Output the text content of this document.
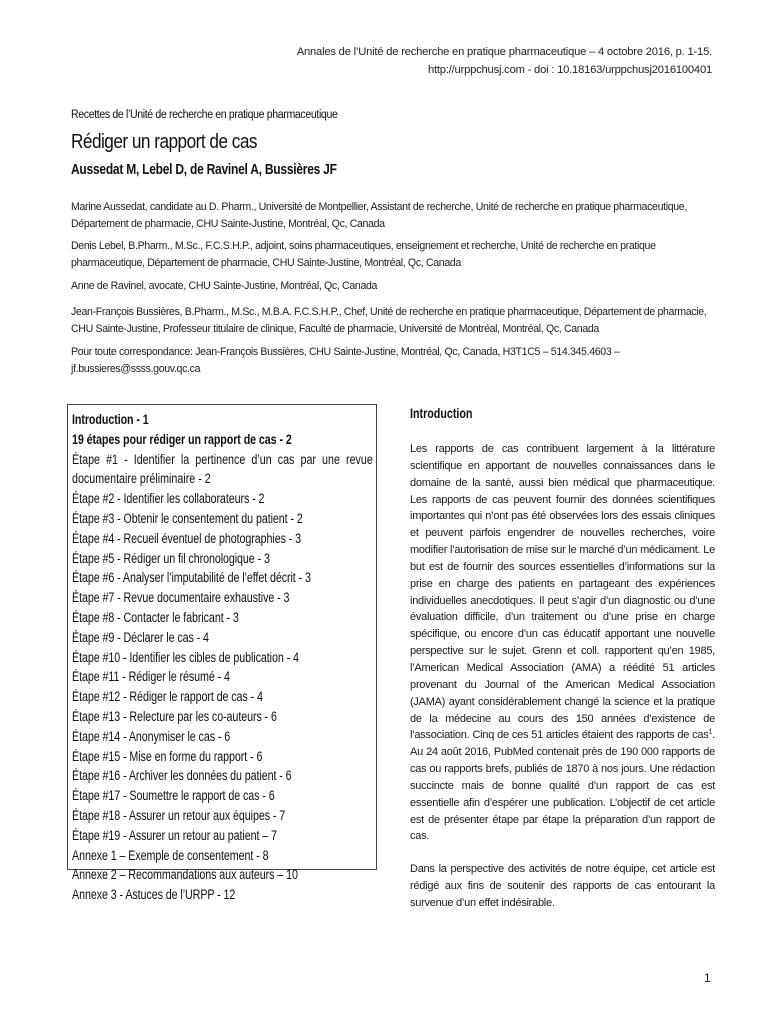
Annales de l’Unité de recherche en pratique pharmaceutique – 4 octobre 2016, p. 1-15.
http://urppchusj.com - doi : 10.18163/urppchusj2016100401
Recettes de l’Unité de recherche en pratique pharmaceutique
Rédiger un rapport de cas
Aussedat M, Lebel D, de Ravinel A, Bussières JF

Marine Aussedat, candidate au D. Pharm., Université de Montpellier, Assistant de recherche, Unité de recherche en pratique pharmaceutique, Département de pharmacie, CHU Sainte-Justine, Montréal, Qc, Canada

Denis Lebel, B.Pharm., M.Sc., F.C.S.H.P., adjoint, soins pharmaceutiques, enseignement et recherche, Unité de recherche en pratique pharmaceutique, Département de pharmacie, CHU Sainte-Justine, Montréal, Qc, Canada

Anne de Ravinel, avocate, CHU Sainte-Justine, Montréal, Qc, Canada

Jean-François Bussières, B.Pharm., M.Sc., M.B.A. F.C.S.H.P., Chef, Unité de recherche en pratique pharmaceutique, Département de pharmacie, CHU Sainte-Justine, Professeur titulaire de clinique, Faculté de pharmacie, Université de Montréal, Montréal, Qc, Canada

Pour toute correspondance: Jean-François Bussières, CHU Sainte-Justine, Montréal, Qc, Canada, H3T1C5 – 514.345.4603 – jf.bussieres@ssss.gouv.qc.ca

Introduction - 1

19 étapes pour rédiger un rapport de cas - 2

Étape #1 - Identifier la pertinence d’un cas par une revue documentaire préliminaire - 2

Étape #2 - Identifier les collaborateurs - 2

Étape #3 - Obtenir le consentement du patient - 2

Étape #4 - Recueil éventuel de photographies - 3

Étape #5 - Rédiger un fil chronologique - 3

Étape #6 - Analyser l’imputabilité de l’effet décrit - 3

Étape #7 - Revue documentaire exhaustive - 3

Étape #8 - Contacter le fabricant - 3

Étape #9 - Déclarer le cas - 4

Étape #10 - Identifier les cibles de publication - 4

Étape #11 - Rédiger le résumé - 4

Étape #12 - Rédiger le rapport de cas - 4

Étape #13 - Relecture par les co-auteurs - 6

Étape #14 - Anonymiser le cas - 6

Étape #15 - Mise en forme du rapport - 6

Étape #16 - Archiver les données du patient - 6

Étape #17 - Soumettre le rapport de cas - 6

Étape #18 - Assurer un retour aux équipes - 7

Étape #19 - Assurer un retour au patient – 7

Annexe 1 – Exemple de consentement - 8

Annexe 2 – Recommandations aux auteurs – 10

Annexe 3 - Astuces de l’URPP - 12

Introduction

Les rapports de cas contribuent largement à la littérature scientifique en apportant de nouvelles connaissances dans le domaine de la santé, aussi bien médical que pharmaceutique. Les rapports de cas peuvent fournir des données scientifiques importantes qui n’ont pas été observées lors des essais cliniques et peuvent parfois engendrer de nouvelles recherches, voire modifier l’autorisation de mise sur le marché d’un médicament. Le but est de fournir des sources essentielles d’informations sur la prise en charge des patients en partageant des expériences individuelles anecdotiques. Il peut s’agir d’un diagnostic ou d’une évaluation difficile, d’un traitement ou d’une prise en charge spécifique, ou encore d’un cas éducatif apportant une nouvelle perspective sur le sujet. Grenn et coll. rapportent qu’en 1985, l’American Medical Association (AMA) a réédité 51 articles provenant du Journal of the American Medical Association (JAMA) ayant considérablement changé la science et la pratique de la médecine au cours des 150 années d’existence de l’association. Cinq de ces 51 articles étaient des rapports de cas$^1$. Au 24 août 2016, PubMed contenait près de 190 000 rapports de cas ou rapports brefs, publiés de 1870 à nos jours. Une rédaction succincte mais de bonne qualité d’un rapport de cas est essentielle afin d’espérer une publication. L’objectif de cet article est de présenter étape par étape la préparation d’un rapport de cas.

Dans la perspective des activités de notre équipe, cet article est rédigé aux fins de soutenir des rapports de cas entourant la survenue d’un effet indésirable.

1
